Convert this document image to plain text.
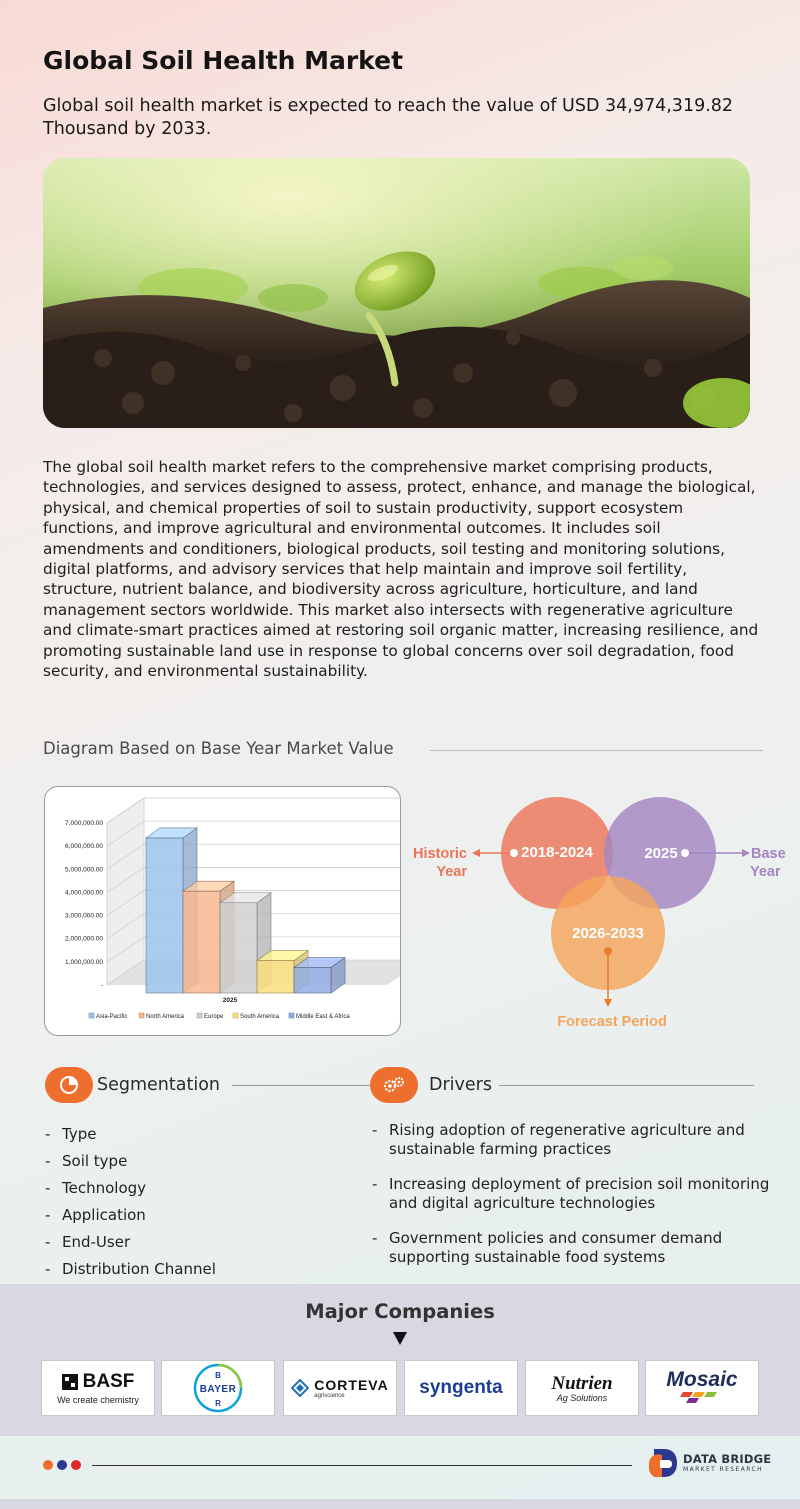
Global Soil Health Market
Global soil health market is expected to reach the value of USD 34,974,319.82 Thousand by 2033.
The global soil health market refers to the comprehensive market comprising products, technologies, and services designed to assess, protect, enhance, and manage the biological, physical, and chemical properties of soil to sustain productivity, support ecosystem functions, and improve agricultural and environmental outcomes. It includes soil amendments and conditioners, biological products, soil testing and monitoring solutions, digital platforms, and advisory services that help maintain and improve soil fertility, structure, nutrient balance, and biodiversity across agriculture, horticulture, and land management sectors worldwide. This market also intersects with regenerative agriculture and climate-smart practices aimed at restoring soil organic matter, increasing resilience, and promoting sustainable land use in response to global concerns over soil degradation, food security, and environmental sustainability.
Diagram Based on Base Year Market Value
-
1,000,000.00
2,000,000.00
3,000,000.00
4,000,000.00
5,000,000.00
6,000,000.00
7,000,000.00
2025
Asia-Pacific	North America	Europe	South America	Middle East & Africa
2018-2024	2025
2026-2033
Historic
Year
Base
Year
Forecast Period
Segmentation	Drivers
- Type
- Soil type
- Technology
- Application
- End-User
- Distribution Channel
- Rising adoption of regenerative agriculture and sustainable farming practices
- Increasing deployment of precision soil monitoring and digital agriculture technologies
- Government policies and consumer demand supporting sustainable food systems
Major Companies
BASF
We create chemistry
BAYER
B
R
CORTEVA
agriscience	syngenta	Nutrien
Ag Solutions
Mosaic
DATA BRIDGE
MARKET RESEARCH
